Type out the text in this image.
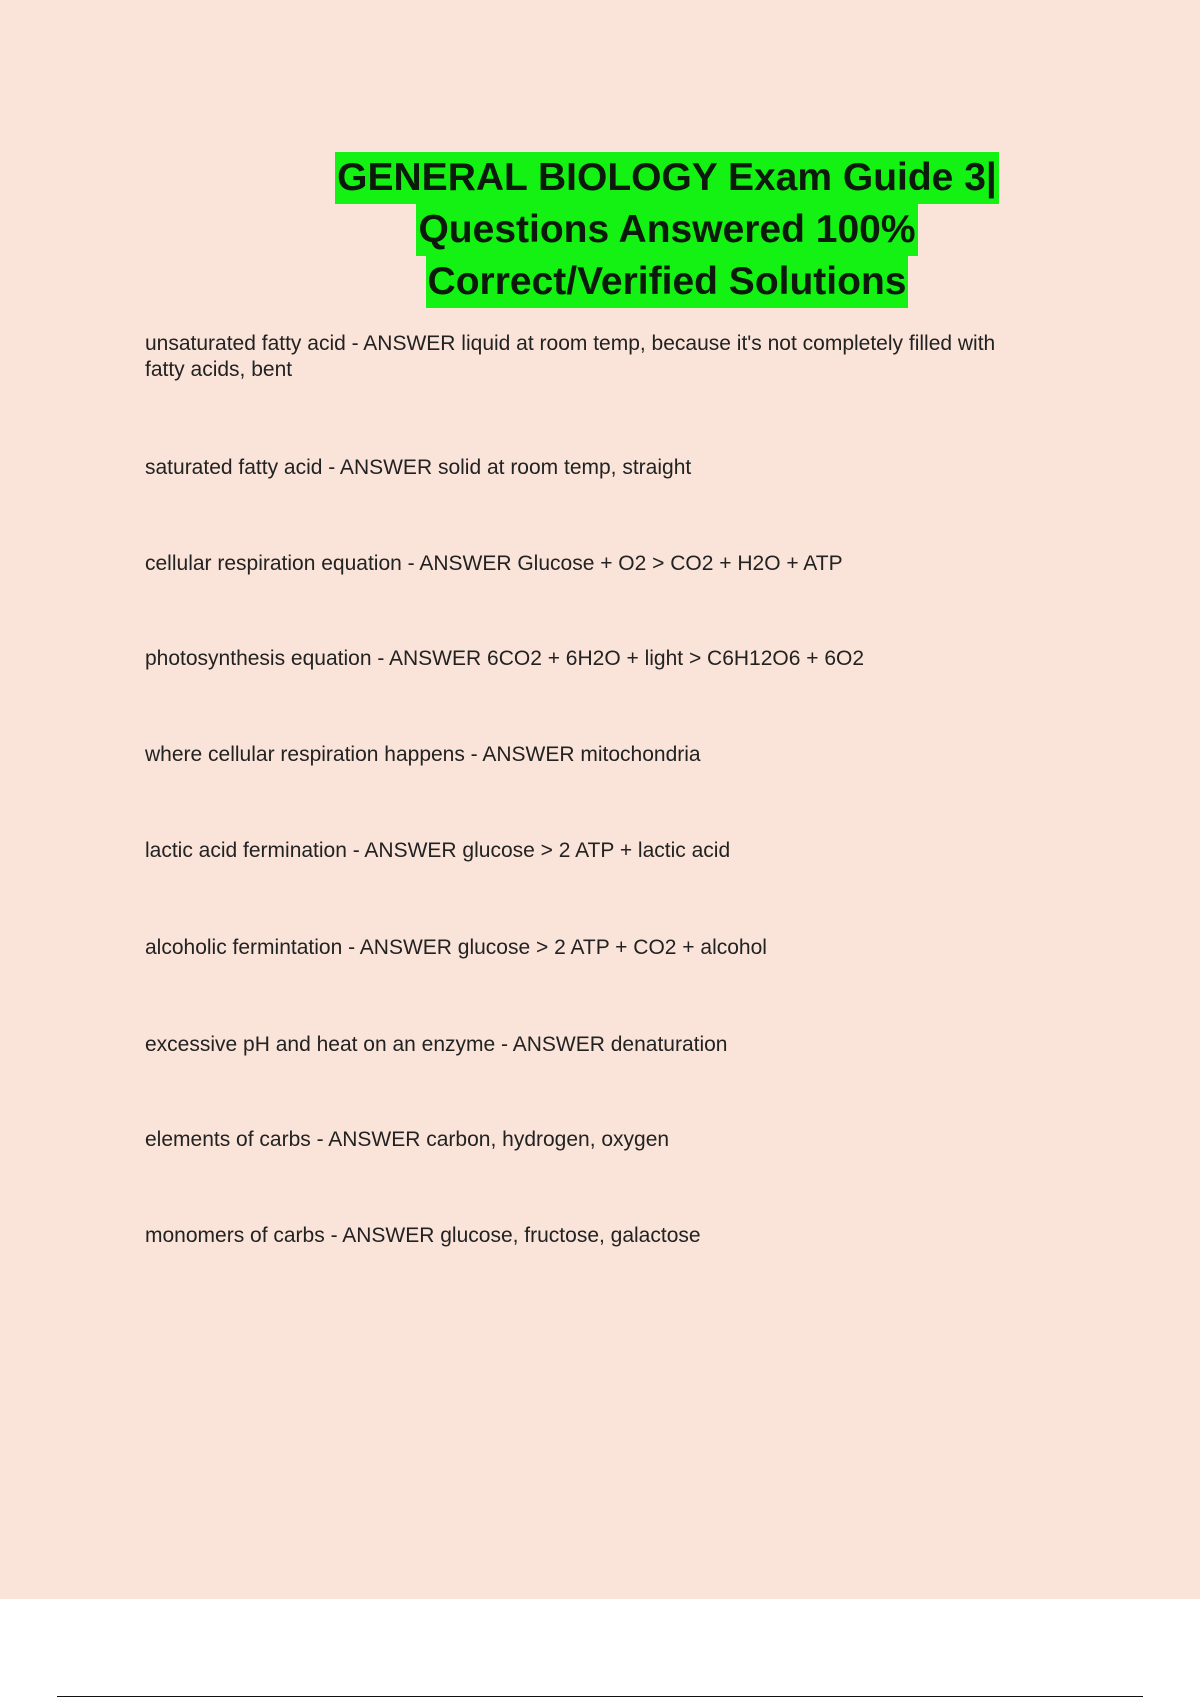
GENERAL BIOLOGY Exam Guide 3|
Questions Answered 100%
Correct/Verified Solutions

unsaturated fatty acid - ANSWER liquid at room temp, because it's not completely filled with fatty acids, bent

saturated fatty acid - ANSWER solid at room temp, straight

cellular respiration equation - ANSWER Glucose + O2 > CO2 + H2O + ATP

photosynthesis equation - ANSWER 6CO2 + 6H2O + light > C6H12O6 + 6O2

where cellular respiration happens - ANSWER mitochondria

lactic acid fermination - ANSWER glucose > 2 ATP + lactic acid

alcoholic fermintation - ANSWER glucose > 2 ATP + CO2 + alcohol

excessive pH and heat on an enzyme - ANSWER denaturation

elements of carbs - ANSWER carbon, hydrogen, oxygen

monomers of carbs - ANSWER glucose, fructose, galactose
